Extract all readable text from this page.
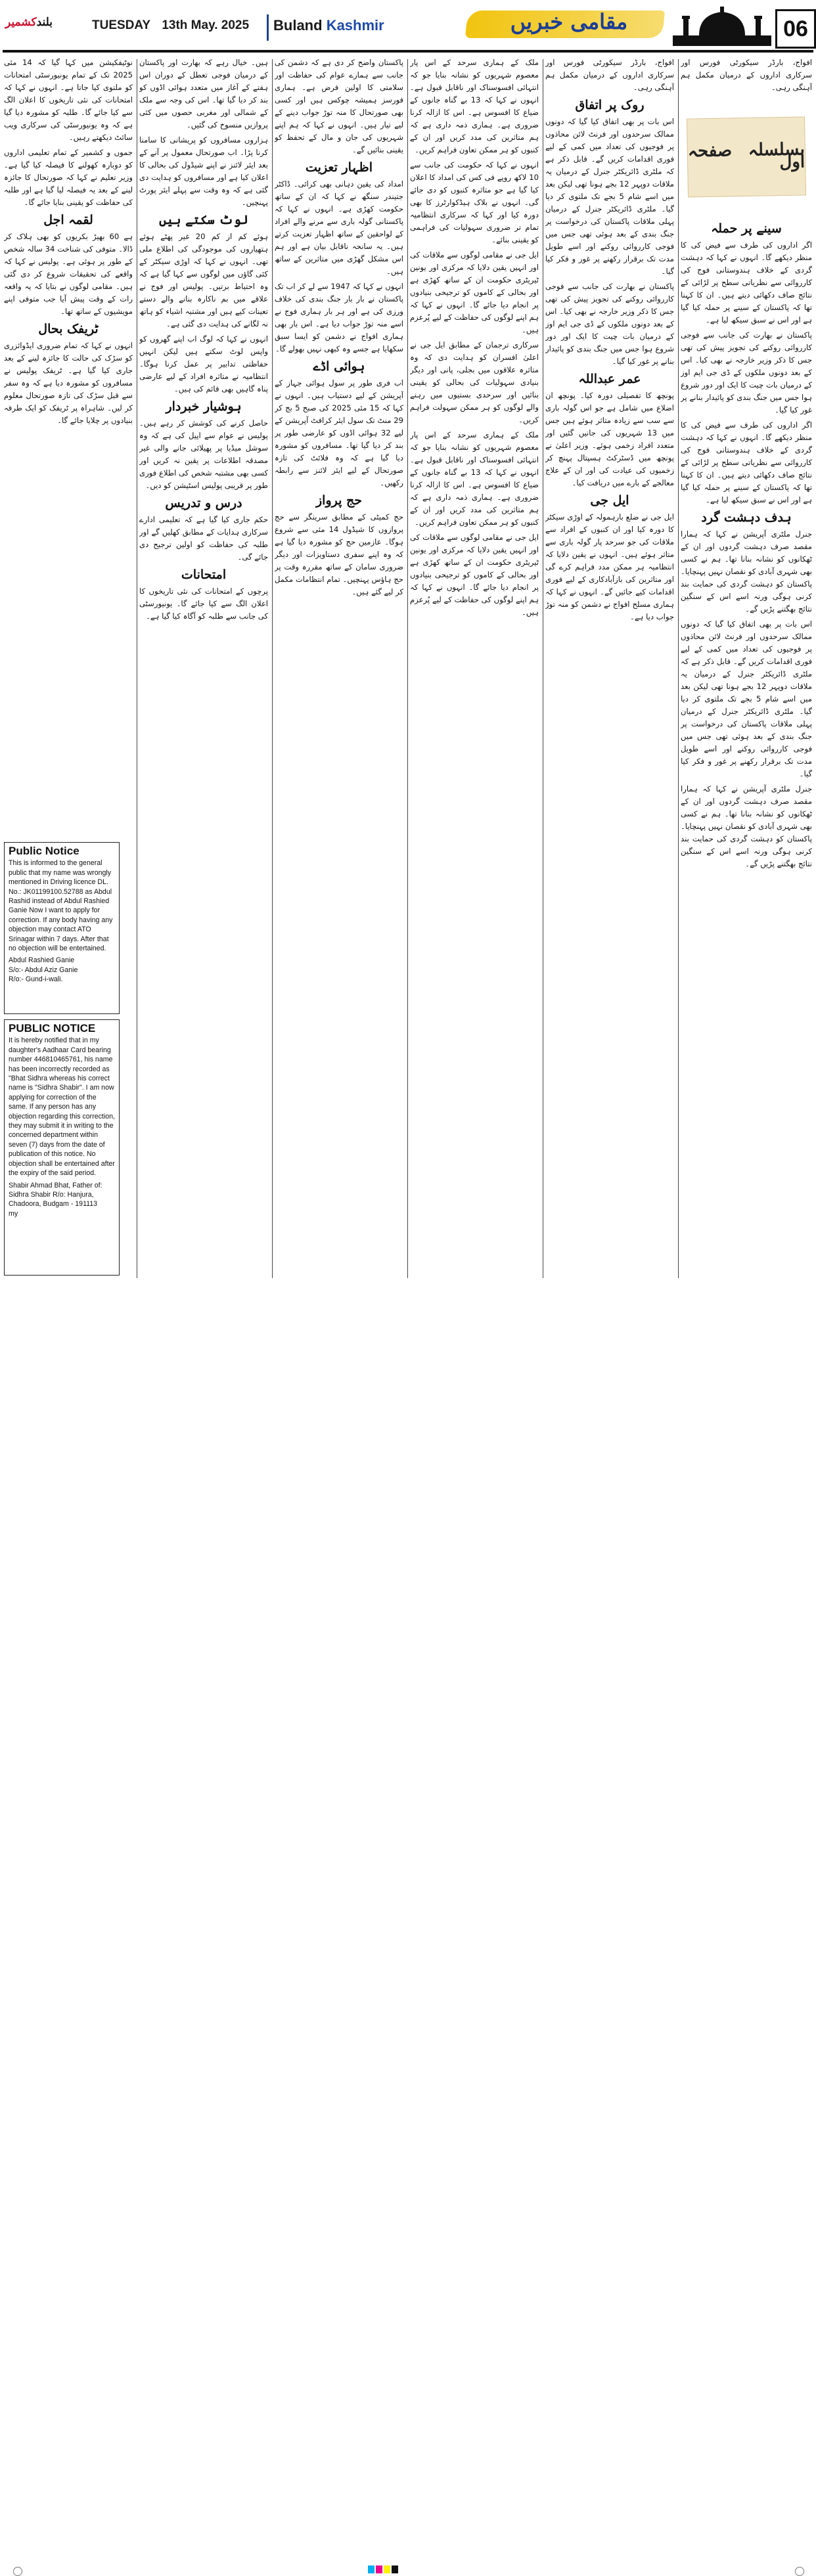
بلندکشمیر	TUESDAY 13th May. 2025	Buland Kashmir	مقامی خبریں	06

افواج، بارڈر سیکورٹی فورس اور سرکاری اداروں کے درمیان مکمل ہم آہنگی رہی۔

بسلسلہ صفحہ اول
سینے پر حملہ

اگر اداروں کی طرف سے فیض کی کا منظر دیکھے گا۔ انہوں نے کہا کہ دہشت گردی کے خلاف ہندوستانی فوج کی کارروائی سے نظریاتی سطح پر لڑائی کے نتائج صاف دکھائی دیتے ہیں۔ ان کا کہنا تھا کہ پاکستان کے سینے پر حملہ کیا گیا ہے اور اس نے سبق سیکھ لیا ہے۔

پاکستان نے بھارت کی جانب سے فوجی کارروائی روکنے کی تجویز پیش کی تھی جس کا ذکر وزیر خارجہ نے بھی کیا۔ اس کے بعد دونوں ملکوں کے ڈی جی ایم اوز کے درمیان بات چیت کا ایک اور دور شروع ہوا جس میں جنگ بندی کو پائیدار بنانے پر غور کیا گیا۔

اگر اداروں کی طرف سے فیض کی کا منظر دیکھے گا۔ انہوں نے کہا کہ دہشت گردی کے خلاف ہندوستانی فوج کی کارروائی سے نظریاتی سطح پر لڑائی کے نتائج صاف دکھائی دیتے ہیں۔ ان کا کہنا تھا کہ پاکستان کے سینے پر حملہ کیا گیا ہے اور اس نے سبق سیکھ لیا ہے۔

ہدف دہشت گرد

جنرل ملٹری آپریشن نے کہا کہ ہمارا مقصد صرف دہشت گردوں اور ان کے ٹھکانوں کو نشانہ بنانا تھا۔ ہم نے کسی بھی شہری آبادی کو نقصان نہیں پہنچایا۔ پاکستان کو دہشت گردی کی حمایت بند کرنی ہوگی ورنہ اسے اس کے سنگین نتائج بھگتنے پڑیں گے۔

اس بات پر بھی اتفاق کیا گیا کہ دونوں ممالک سرحدوں اور فرنٹ لائن محاذوں پر فوجیوں کی تعداد میں کمی کے لیے فوری اقدامات کریں گے۔ قابل ذکر ہے کہ ملٹری ڈائریکٹر جنرل کے درمیان یہ ملاقات دوپہر 12 بجے ہونا تھی لیکن بعد میں اسے شام 5 بجے تک ملتوی کر دیا گیا۔ ملٹری ڈائریکٹر جنرل کے درمیان پہلی ملاقات پاکستان کی درخواست پر جنگ بندی کے بعد ہوئی تھی جس میں فوجی کارروائی روکنے اور اسے طویل مدت تک برقرار رکھنے پر غور و فکر کیا گیا۔

جنرل ملٹری آپریشن نے کہا کہ ہمارا مقصد صرف دہشت گردوں اور ان کے ٹھکانوں کو نشانہ بنانا تھا۔ ہم نے کسی بھی شہری آبادی کو نقصان نہیں پہنچایا۔ پاکستان کو دہشت گردی کی حمایت بند کرنی ہوگی ورنہ اسے اس کے سنگین نتائج بھگتنے پڑیں گے۔

افواج، بارڈر سیکورٹی فورس اور سرکاری اداروں کے درمیان مکمل ہم آہنگی رہی۔

روک پر اتفاق

اس بات پر بھی اتفاق کیا گیا کہ دونوں ممالک سرحدوں اور فرنٹ لائن محاذوں پر فوجیوں کی تعداد میں کمی کے لیے فوری اقدامات کریں گے۔ قابل ذکر ہے کہ ملٹری ڈائریکٹر جنرل کے درمیان یہ ملاقات دوپہر 12 بجے ہونا تھی لیکن بعد میں اسے شام 5 بجے تک ملتوی کر دیا گیا۔ ملٹری ڈائریکٹر جنرل کے درمیان پہلی ملاقات پاکستان کی درخواست پر جنگ بندی کے بعد ہوئی تھی جس میں فوجی کارروائی روکنے اور اسے طویل مدت تک برقرار رکھنے پر غور و فکر کیا گیا۔

پاکستان نے بھارت کی جانب سے فوجی کارروائی روکنے کی تجویز پیش کی تھی جس کا ذکر وزیر خارجہ نے بھی کیا۔ اس کے بعد دونوں ملکوں کے ڈی جی ایم اوز کے درمیان بات چیت کا ایک اور دور شروع ہوا جس میں جنگ بندی کو پائیدار بنانے پر غور کیا گیا۔

عمر عبداللہ

پونچھ کا تفصیلی دورہ کیا۔ پونچھ ان اضلاع میں شامل ہے جو اس گولہ باری سے سب سے زیادہ متاثر ہوئے ہیں جس میں 13 شہریوں کی جانیں گئیں اور متعدد افراد زخمی ہوئے۔ وزیر اعلیٰ نے پونچھ میں ڈسٹرکٹ ہسپتال پہنچ کر زخمیوں کی عیادت کی اور ان کے علاج معالجے کے بارے میں دریافت کیا۔

ایل جی

ایل جی نے ضلع بارہمولہ کے اوڑی سیکٹر کا دورہ کیا اور ان کنبوں کے افراد سے ملاقات کی جو سرحد پار گولہ باری سے متاثر ہوئے ہیں۔ انہوں نے یقین دلایا کہ انتظامیہ ہر ممکن مدد فراہم کرے گی اور متاثرین کی بازآبادکاری کے لیے فوری اقدامات کیے جائیں گے۔ انہوں نے کہا کہ ہماری مسلح افواج نے دشمن کو منہ توڑ جواب دیا ہے۔

ملک کے ہماری سرحد کے اس پار معصوم شہریوں کو نشانہ بنایا جو کہ انتہائی افسوسناک اور ناقابل قبول ہے۔ انہوں نے کہا کہ 13 بے گناہ جانوں کے ضیاع کا افسوس ہے۔ اس کا ازالہ کرنا ضروری ہے۔ ہماری ذمہ داری ہے کہ ہم متاثرین کی مدد کریں اور ان کے کنبوں کو ہر ممکن تعاون فراہم کریں۔

انہوں نے کہا کہ حکومت کی جانب سے 10 لاکھ روپے فی کس کی امداد کا اعلان کیا گیا ہے جو متاثرہ کنبوں کو دی جائے گی۔ انہوں نے بلاک ہیڈکوارٹرز کا بھی دورہ کیا اور کہا کہ سرکاری انتظامیہ تمام تر ضروری سہولیات کی فراہمی کو یقینی بنائے۔

ایل جی نے مقامی لوگوں سے ملاقات کی اور انہیں یقین دلایا کہ مرکزی اور یونین ٹیریٹری حکومت ان کے ساتھ کھڑی ہے اور بحالی کے کاموں کو ترجیحی بنیادوں پر انجام دیا جائے گا۔ انہوں نے کہا کہ ہم اپنے لوگوں کی حفاظت کے لیے پُرعزم ہیں۔

سرکاری ترجمان کے مطابق ایل جی نے اعلیٰ افسران کو ہدایت دی کہ وہ متاثرہ علاقوں میں بجلی، پانی اور دیگر بنیادی سہولیات کی بحالی کو یقینی بنائیں اور سرحدی بستیوں میں رہنے والے لوگوں کو ہر ممکن سہولت فراہم کریں۔

ملک کے ہماری سرحد کے اس پار معصوم شہریوں کو نشانہ بنایا جو کہ انتہائی افسوسناک اور ناقابل قبول ہے۔ انہوں نے کہا کہ 13 بے گناہ جانوں کے ضیاع کا افسوس ہے۔ اس کا ازالہ کرنا ضروری ہے۔ ہماری ذمہ داری ہے کہ ہم متاثرین کی مدد کریں اور ان کے کنبوں کو ہر ممکن تعاون فراہم کریں۔

ایل جی نے مقامی لوگوں سے ملاقات کی اور انہیں یقین دلایا کہ مرکزی اور یونین ٹیریٹری حکومت ان کے ساتھ کھڑی ہے اور بحالی کے کاموں کو ترجیحی بنیادوں پر انجام دیا جائے گا۔ انہوں نے کہا کہ ہم اپنے لوگوں کی حفاظت کے لیے پُرعزم ہیں۔

پاکستان واضح کر دی ہے کہ دشمن کی جانب سے ہمارے عوام کی حفاظت اور سلامتی کا اولین فرض ہے۔ ہماری فورسز ہمیشہ چوکس ہیں اور کسی بھی صورتحال کا منہ توڑ جواب دینے کے لیے تیار ہیں۔ انہوں نے کہا کہ ہم اپنے شہریوں کی جان و مال کے تحفظ کو یقینی بنائیں گے۔

اظہار تعزیت

امداد کی یقین دہانی بھی کرائی۔ ڈاکٹر جتیندر سنگھ نے کہا کہ ان کے ساتھ حکومت کھڑی ہے۔ انہوں نے کہا کہ پاکستانی گولہ باری سے مرنے والے افراد کے لواحقین کے ساتھ اظہار تعزیت کرتے ہیں۔ یہ سانحہ ناقابل بیان ہے اور ہم اس مشکل گھڑی میں متاثرین کے ساتھ ہیں۔

انہوں نے کہا کہ 1947 سے لے کر اب تک پاکستان نے بار بار جنگ بندی کی خلاف ورزی کی ہے اور ہر بار ہماری فوج نے اسے منہ توڑ جواب دیا ہے۔ اس بار بھی ہماری افواج نے دشمن کو ایسا سبق سکھایا ہے جسے وہ کبھی نہیں بھولے گا۔

ہوائی اڈے

اب فری طور پر سول ہوائی جہاز کے آپریشن کے لیے دستیاب ہیں۔ انہوں نے کہا کہ 15 مئی 2025 کی صبح 5 بج کر 29 منٹ تک سول ایئر کرافٹ آپریشن کے لیے 32 ہوائی اڈوں کو عارضی طور پر بند کر دیا گیا تھا۔ مسافروں کو مشورہ دیا گیا ہے کہ وہ فلائٹ کی تازہ صورتحال کے لیے ایئر لائنز سے رابطہ رکھیں۔

حج پرواز

حج کمیٹی کے مطابق سرینگر سے حج پروازوں کا شیڈول 14 مئی سے شروع ہوگا۔ عازمین حج کو مشورہ دیا گیا ہے کہ وہ اپنے سفری دستاویزات اور دیگر ضروری سامان کے ساتھ مقررہ وقت پر حج ہاؤس پہنچیں۔ تمام انتظامات مکمل کر لیے گئے ہیں۔

ہیں۔ خیال رہے کہ بھارت اور پاکستان کے درمیان فوجی تعطل کے دوران اس ہفتے کے آغاز میں متعدد ہوائی اڈوں کو بند کر دیا گیا تھا۔ اس کی وجہ سے ملک کے شمالی اور مغربی حصوں میں کئی پروازیں منسوخ کی گئیں۔

ہزاروں مسافروں کو پریشانی کا سامنا کرنا پڑا۔ اب صورتحال معمول پر آنے کے بعد ایئر لائنز نے اپنے شیڈول کی بحالی کا اعلان کیا ہے اور مسافروں کو ہدایت دی گئی ہے کہ وہ وقت سے پہلے ایئر پورٹ پہنچیں۔

لوٹ سکتے ہیں

ہوئے کم از کم 20 غیر پھٹے ہوئے ہتھیاروں کی موجودگی کی اطلاع ملی تھی۔ انہوں نے کہا کہ اوڑی سیکٹر کے کئی گاؤں میں لوگوں سے کہا گیا ہے کہ وہ احتیاط برتیں۔ پولیس اور فوج نے علاقے میں بم ناکارہ بنانے والے دستے تعینات کیے ہیں اور مشتبہ اشیاء کو ہاتھ نہ لگانے کی ہدایت دی گئی ہے۔

انہوں نے کہا کہ لوگ اب اپنے گھروں کو واپس لوٹ سکتے ہیں لیکن انہیں حفاظتی تدابیر پر عمل کرنا ہوگا۔ انتظامیہ نے متاثرہ افراد کے لیے عارضی پناہ گاہیں بھی قائم کی ہیں۔

ہوشیار خبردار

حاصل کرنے کی کوشش کر رہے ہیں۔ پولیس نے عوام سے اپیل کی ہے کہ وہ سوشل میڈیا پر پھیلائی جانے والی غیر مصدقہ اطلاعات پر یقین نہ کریں اور کسی بھی مشتبہ شخص کی اطلاع فوری طور پر قریبی پولیس اسٹیشن کو دیں۔

درس و تدریس

حکم جاری کیا گیا ہے کہ تعلیمی ادارے سرکاری ہدایات کے مطابق کھلیں گے اور طلبہ کی حفاظت کو اولین ترجیح دی جائے گی۔

امتحانات

پرچوں کے امتحانات کی نئی تاریخوں کا اعلان الگ سے کیا جائے گا۔ یونیورسٹی کی جانب سے طلبہ کو آگاہ کیا گیا ہے۔

نوٹیفکیشن میں کہا گیا کہ 14 مئی 2025 تک کے تمام یونیورسٹی امتحانات کو ملتوی کیا جاتا ہے۔ انہوں نے کہا کہ امتحانات کی نئی تاریخوں کا اعلان الگ سے کیا جائے گا۔ طلبہ کو مشورہ دیا گیا ہے کہ وہ یونیورسٹی کی سرکاری ویب سائٹ دیکھتے رہیں۔

جموں و کشمیر کے تمام تعلیمی اداروں کو دوبارہ کھولنے کا فیصلہ کیا گیا ہے۔ وزیر تعلیم نے کہا کہ صورتحال کا جائزہ لینے کے بعد یہ فیصلہ لیا گیا ہے اور طلبہ کی حفاظت کو یقینی بنایا جائے گا۔

لقمہ اجل

ہے 60 بھیڑ بکریوں کو بھی ہلاک کر ڈالا۔ متوفی کی شناخت 34 سالہ شخص کے طور پر ہوئی ہے۔ پولیس نے کہا کہ واقعے کی تحقیقات شروع کر دی گئی ہیں۔ مقامی لوگوں نے بتایا کہ یہ واقعہ رات کے وقت پیش آیا جب متوفی اپنے مویشیوں کے ساتھ تھا۔

ٹریفک بحال

انہوں نے کہا کہ تمام ضروری ایڈوائزری کو سڑک کی حالت کا جائزہ لینے کے بعد جاری کیا گیا ہے۔ ٹریفک پولیس نے مسافروں کو مشورہ دیا ہے کہ وہ سفر سے قبل سڑک کی تازہ صورتحال معلوم کر لیں۔ شاہراہ پر ٹریفک کو ایک طرفہ بنیادوں پر چلایا جائے گا۔

Public Notice

This is informed to the general public that my name was wrongly mentioned in Driving licence DL. No.: JK01199100.52788 as Abdul Rashid instead of Abdul Rashied Ganie Now I want to apply for correction. If any body having any objection may contact ATO Srinagar within 7 days. After that no objection will be entertained.

Abdul Rashied Ganie

S/o:- Abdul Aziz Ganie

R/o:- Gund-i-wali.

PUBLIC NOTICE

It is hereby notified that in my daughter's Aadhaar Card bearing number 446810465761, his name has been incorrectly recorded as "Bhat Sidhra whereas his correct name is "Sidhra Shabir". I am now applying for correction of the same. If any person has any objection regarding this correction, they may submit it in writing to the concerned department within seven (7) days from the date of publication of this notice. No objection shall be entertained after the expiry of the said period.

Shabir Ahmad Bhat, Father of: Sidhra Shabir R/o: Hanjura, Chadoora, Budgam - 191113

my
